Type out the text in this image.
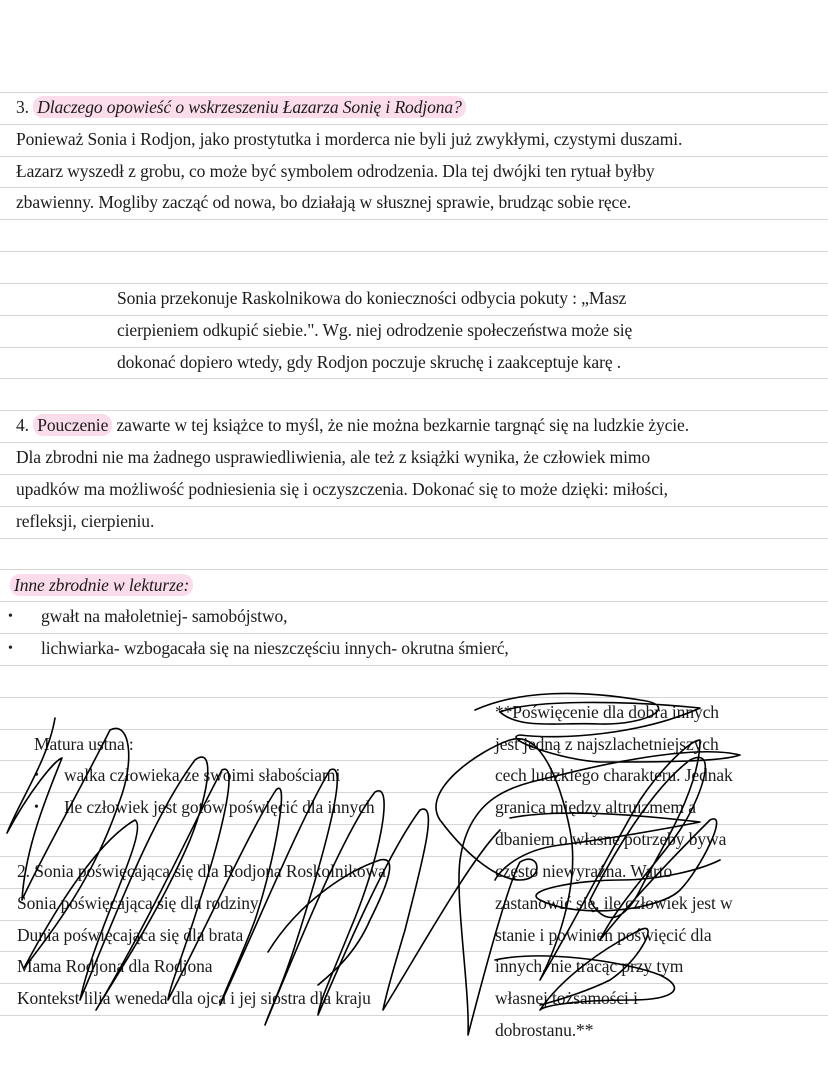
3. Dlaczego opowieść o wskrzeszeniu Łazarza Sonię i Rodjona?
Ponieważ Sonia i Rodjon, jako prostytutka i morderca nie byli już zwykłymi, czystymi duszami.
Łazarz wyszedł z grobu, co może być symbolem odrodzenia. Dla tej dwójki ten rytuał byłby
zbawienny. Mogliby zacząć od nowa, bo działają w słusznej sprawie, brudząc sobie ręce.
Sonia przekonuje Raskolnikowa do konieczności odbycia pokuty : „Masz
cierpieniem odkupić siebie.". Wg. niej odrodzenie społeczeństwa może się
dokonać dopiero wtedy, gdy Rodjon poczuje skruchę i zaakceptuje karę .
4. Pouczenie zawarte w tej książce to myśl, że nie można bezkarnie targnąć się na ludzkie życie.
Dla zbrodni nie ma żadnego usprawiedliwienia, ale też z książki wynika, że człowiek mimo
upadków ma możliwość podniesienia się i oczyszczenia. Dokonać się to może dzięki: miłości,
refleksji, cierpieniu.
Inne zbrodnie w lekturze:
• gwałt na małoletniej- samobójstwo,
• lichwiarka- wzbogacała się na nieszczęściu innych- okrutna śmierć,
Matura ustna :
• walka człowieka ze swoimi słabościami
• Ile człowiek jest gotów poświęcić dla innych
2. Sonia poświęcająca się dla Rodjona Roskolnikowa
Sonia poświęcająca się dla rodziny
Dunia poświęcająca się dla brata
Mama Rodjona dla Rodjona
Kontekst lilia weneda dla ojca i jej siostra dla kraju
**Poświęcenie dla dobra innych
jest jedną z najszlachetniejszych
cech ludzkiego charakteru. Jednak
granica między altruizmem a
dbaniem o własne potrzeby bywa
często niewyraźna. Warto
zastanowić się, ile człowiek jest w
stanie i powinien poświęcić dla
innych, nie tracąc przy tym
własnej tożsamości i
dobrostanu.**
